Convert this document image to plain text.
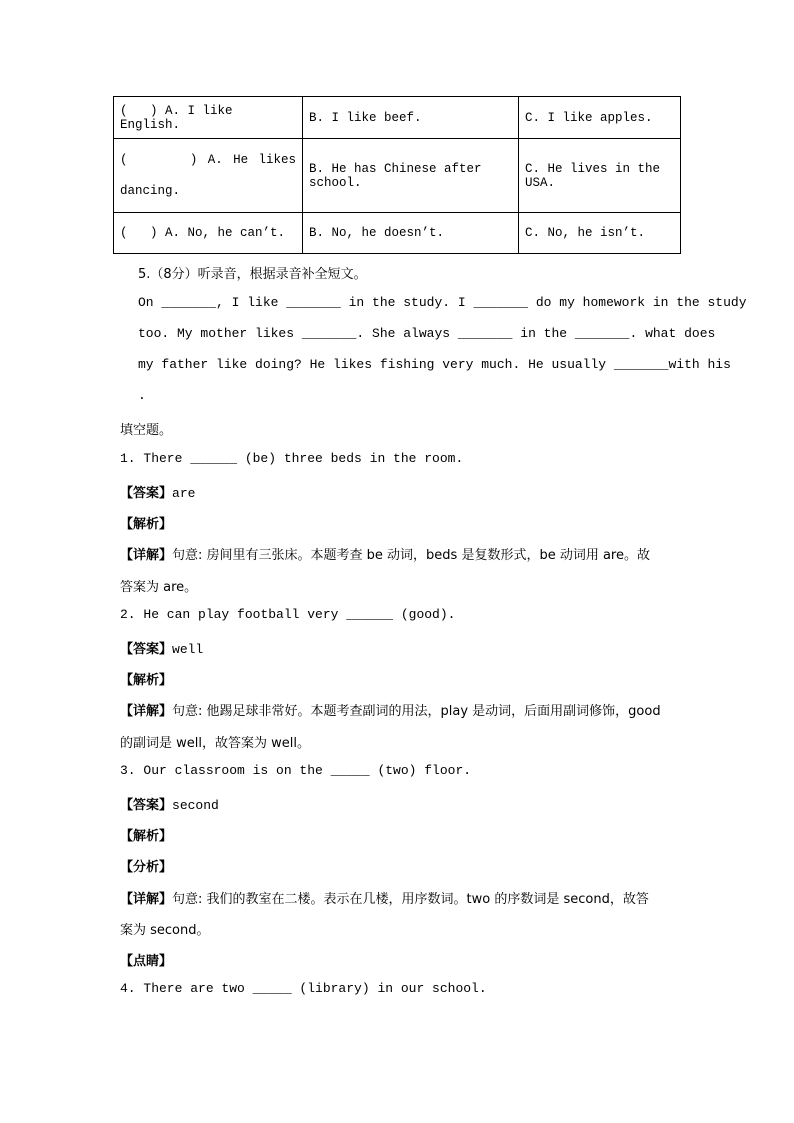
(   ) A. I like English.	B. I like beef.	C. I like apples.
(      ) A. He likes dancing.	B. He has Chinese after school.	C. He lives in the USA.
(   ) A. No, he can’t.	B. No, he doesn’t.	C. No, he isn’t.
5.（8分）听录音，根据录音补全短文。
On _______, I like _______ in the study. I _______ do my homework in the study
too. My mother likes _______. She always _______ in the _______. what does
my father like doing? He likes fishing very much. He usually _______with his
.
填空题。
1. There ______ (be) three beds in the room.
【答案】are
【解析】
【详解】句意: 房间里有三张床。本题考查 be 动词，beds 是复数形式，be 动词用 are。故
答案为 are。
2. He can play football very ______ (good).
【答案】well
【解析】
【详解】句意: 他踢足球非常好。本题考查副词的用法，play 是动词，后面用副词修饰，good
的副词是 well，故答案为 well。
3. Our classroom is on the _____ (two) floor.
【答案】second
【解析】
【分析】
【详解】句意: 我们的教室在二楼。表示在几楼，用序数词。two 的序数词是 second，故答
案为 second。
【点睛】
4. There are two _____ (library) in our school.
